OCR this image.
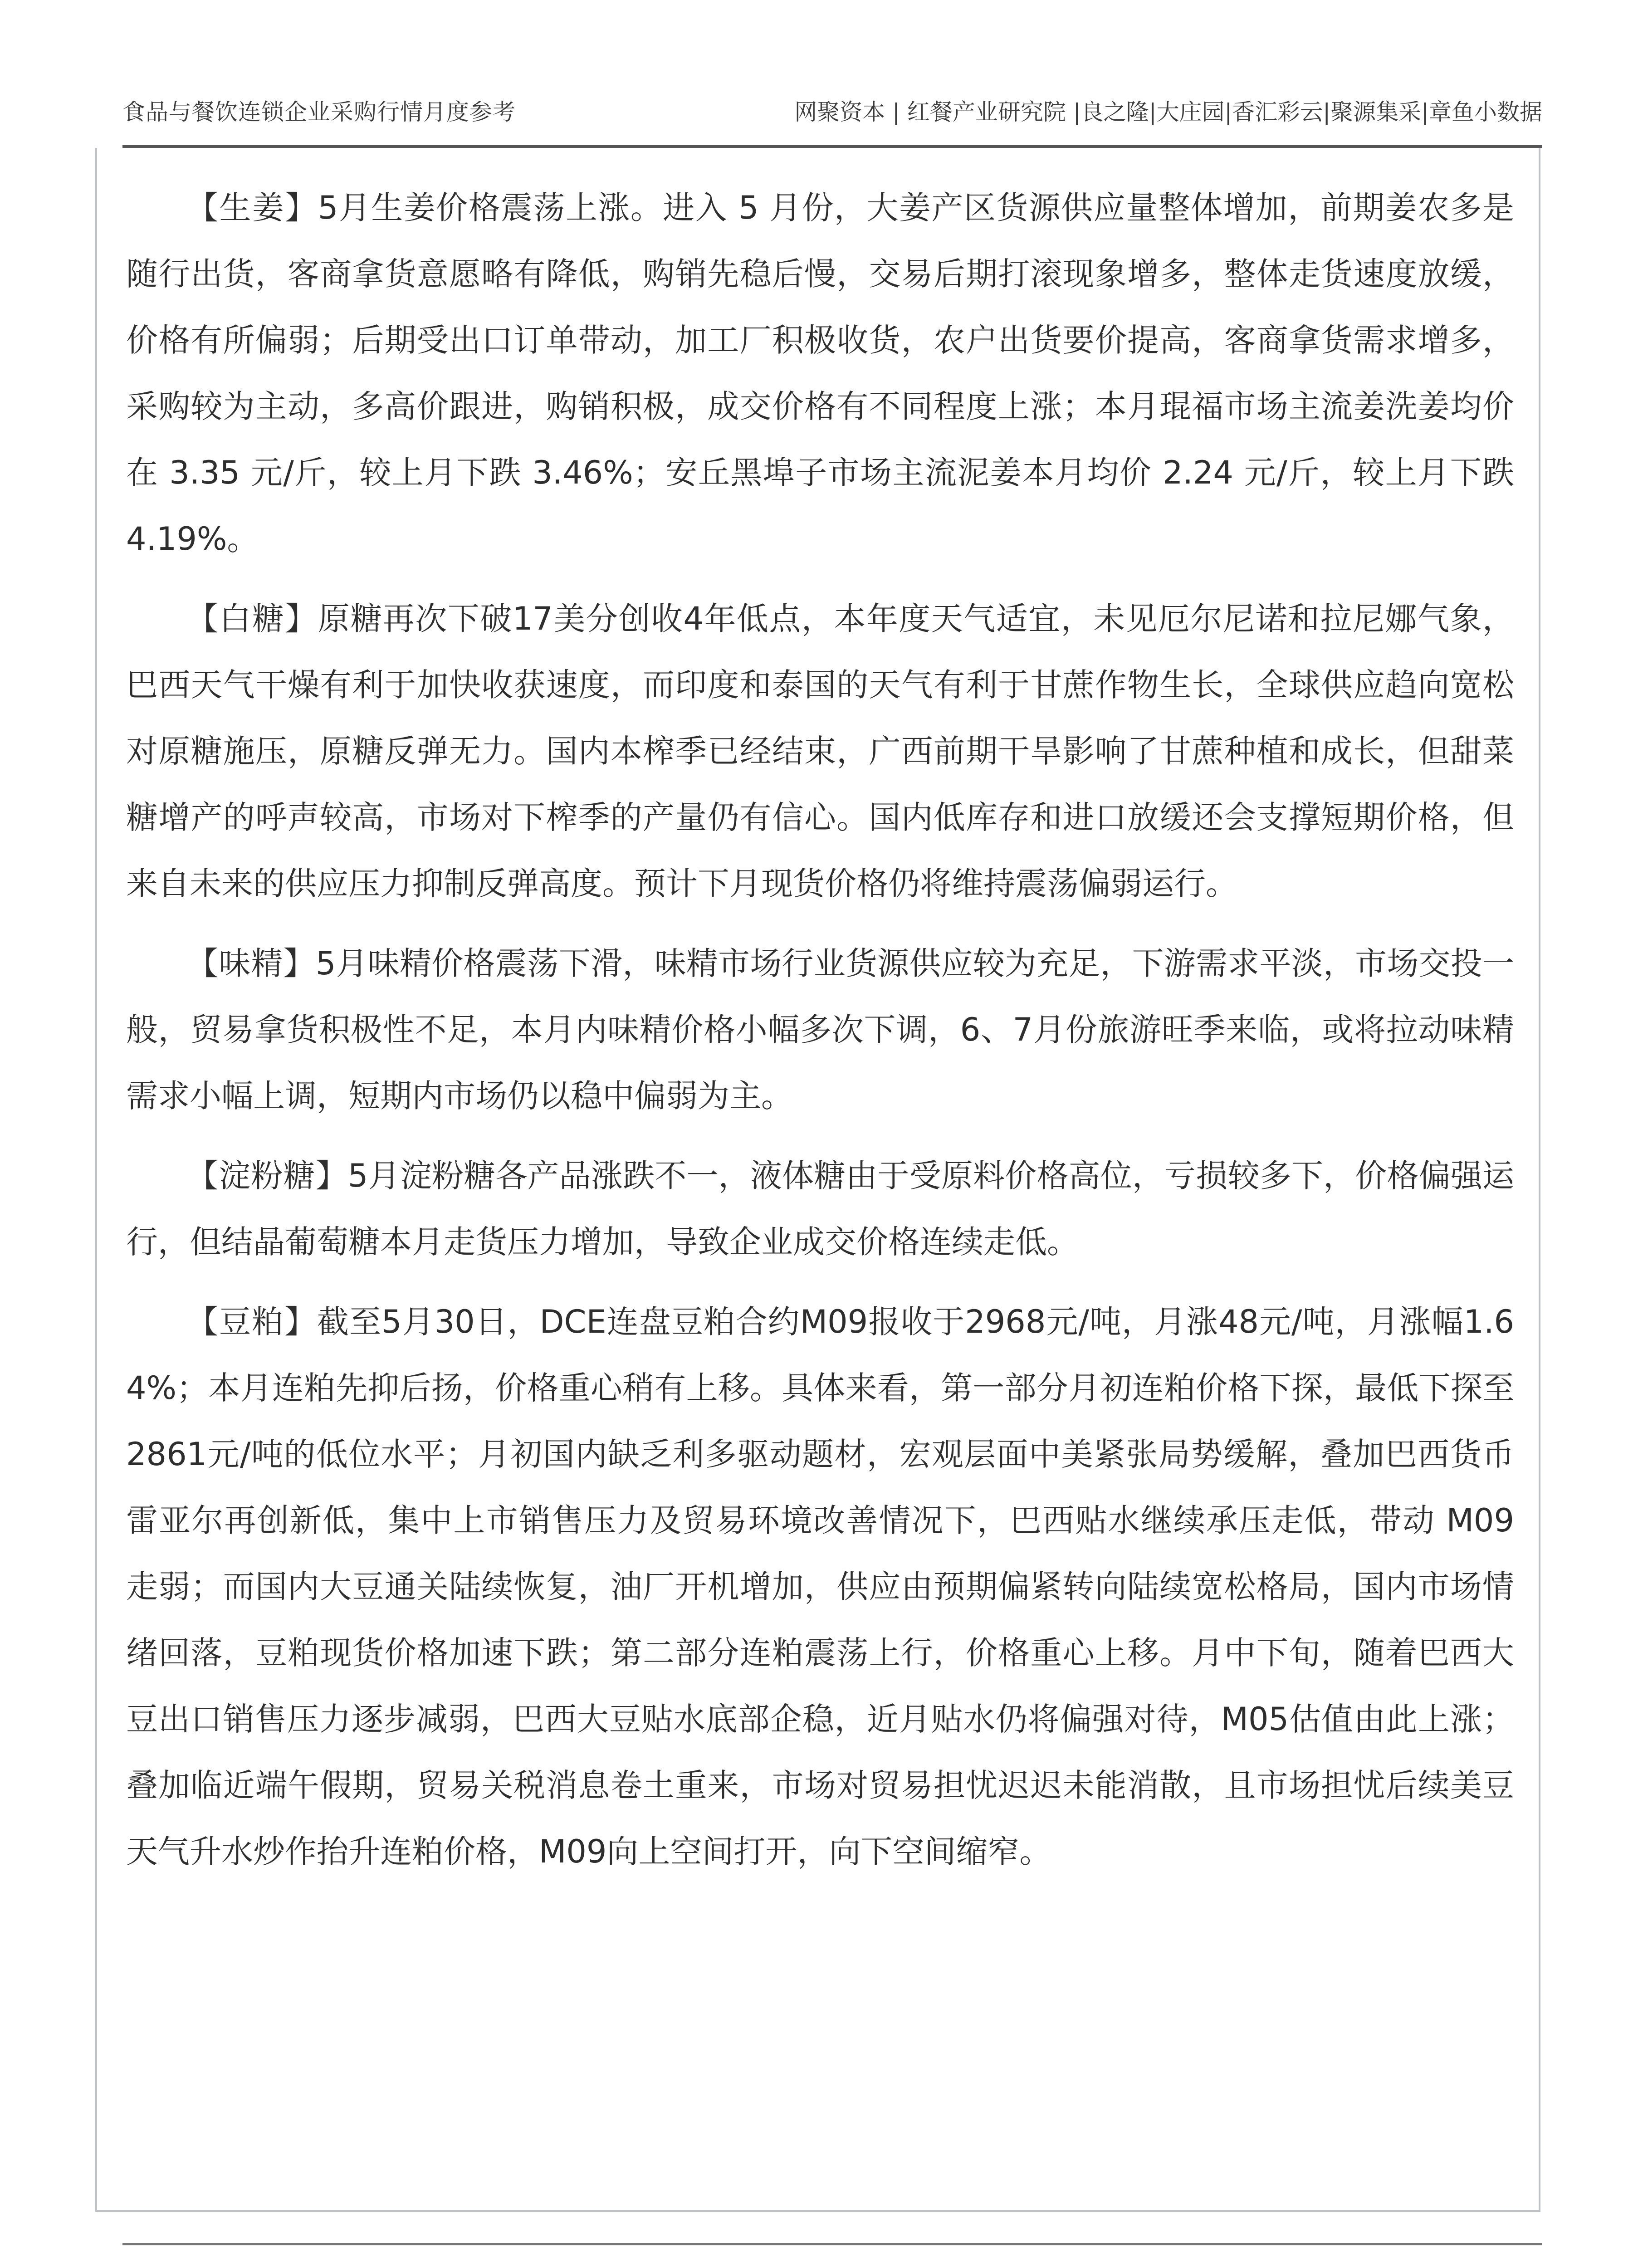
食品与餐饮连锁企业采购行情月度参考	网聚资本 | 红餐产业研究院 |良之隆|大庄园|香汇彩云|聚源集采|章鱼小数据

【生姜】5月生姜价格震荡上涨。进入 5 月份，大姜产区货源供应量整体增加，前期姜农多是随行出货，客商拿货意愿略有降低，购销先稳后慢，交易后期打滚现象增多，整体走货速度放缓，价格有所偏弱；后期受出口订单带动，加工厂积极收货，农户出货要价提高，客商拿货需求增多，采购较为主动，多高价跟进，购销积极，成交价格有不同程度上涨；本月琨福市场主流姜洗姜均价在 3.35 元/斤，较上月下跌 3.46%；安丘黑埠子市场主流泥姜本月均价 2.24 元/斤，较上月下跌 4.19%。

【白糖】原糖再次下破17美分创收4年低点，本年度天气适宜，未见厄尔尼诺和拉尼娜气象，巴西天气干燥有利于加快收获速度，而印度和泰国的天气有利于甘蔗作物生长，全球供应趋向宽松对原糖施压，原糖反弹无力。国内本榨季已经结束，广西前期干旱影响了甘蔗种植和成长，但甜菜糖增产的呼声较高，市场对下榨季的产量仍有信心。国内低库存和进口放缓还会支撑短期价格，但来自未来的供应压力抑制反弹高度。预计下月现货价格仍将维持震荡偏弱运行。

【味精】5月味精价格震荡下滑，味精市场行业货源供应较为充足，下游需求平淡，市场交投一般，贸易拿货积极性不足，本月内味精价格小幅多次下调，6、7月份旅游旺季来临，或将拉动味精需求小幅上调，短期内市场仍以稳中偏弱为主。

【淀粉糖】5月淀粉糖各产品涨跌不一，液体糖由于受原料价格高位，亏损较多下，价格偏强运行，但结晶葡萄糖本月走货压力增加，导致企业成交价格连续走低。

【豆粕】截至5月30日，DCE连盘豆粕合约M09报收于2968元/吨，月涨48元/吨，月涨幅1.64%；本月连粕先抑后扬，价格重心稍有上移。具体来看，第一部分月初连粕价格下探，最低下探至2861元/吨的低位水平；月初国内缺乏利多驱动题材，宏观层面中美紧张局势缓解，叠加巴西货币雷亚尔再创新低，集中上市销售压力及贸易环境改善情况下，巴西贴水继续承压走低，带动 M09 走弱；而国内大豆通关陆续恢复，油厂开机增加，供应由预期偏紧转向陆续宽松格局，国内市场情绪回落，豆粕现货价格加速下跌；第二部分连粕震荡上行，价格重心上移。月中下旬，随着巴西大豆出口销售压力逐步减弱，巴西大豆贴水底部企稳，近月贴水仍将偏强对待，M05估值由此上涨；叠加临近端午假期，贸易关税消息卷土重来，市场对贸易担忧迟迟未能消散，且市场担忧后续美豆天气升水炒作抬升连粕价格，M09向上空间打开，向下空间缩窄。
